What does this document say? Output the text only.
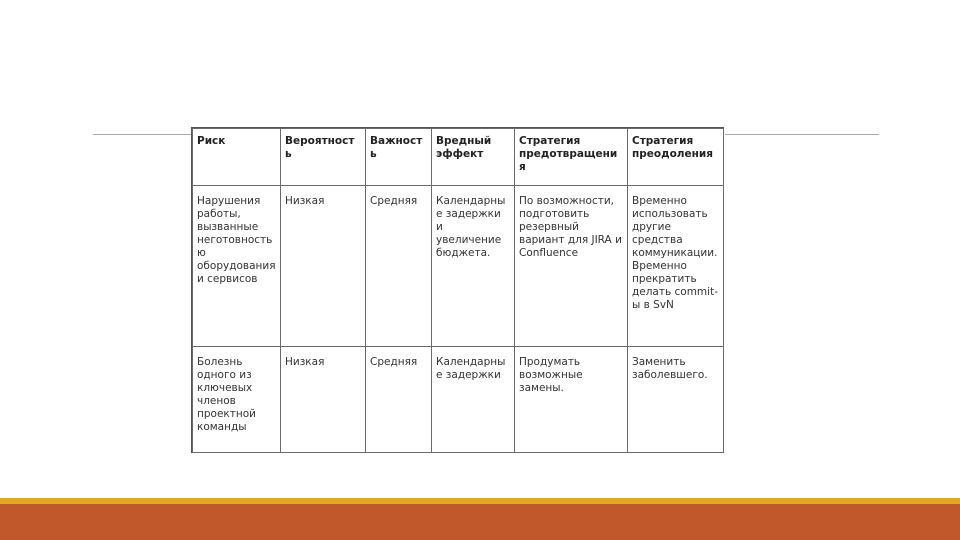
Риск	Вероятность	Важность	Вредный эффект	Стратегия предотвращения	Стратегия преодоления
Нарушения работы, вызванные неготовностью оборудования и сервисов	Низкая	Средняя	Календарные задержки и увеличение бюджета.	По возможности, подготовить резервный вариант для JIRA и Confluence	Временно использовать другие средства коммуникации. Временно прекратить делать commit-ы в SvN
Болезнь одного из ключевых членов проектной команды	Низкая	Средняя	Календарные задержки	Продумать возможные замены.	Заменить заболевшего.
